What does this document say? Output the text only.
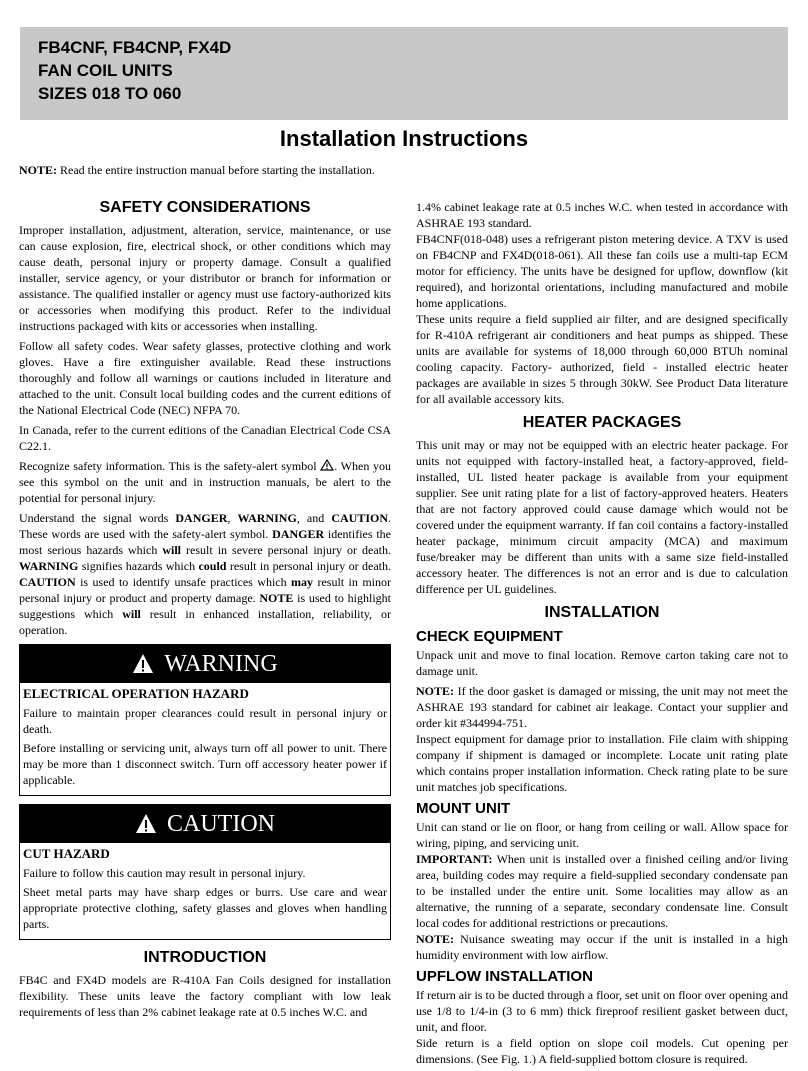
FB4CNF, FB4CNP, FX4D
FAN COIL UNITS
SIZES 018 TO 060
Installation Instructions
NOTE: Read the entire instruction manual before starting the installation.
SAFETY CONSIDERATIONS

Improper installation, adjustment, alteration, service, maintenance, or use can cause explosion, fire, electrical shock, or other conditions which may cause death, personal injury or property damage. Consult a qualified installer, service agency, or your distributor or branch for information or assistance. The qualified installer or agency must use factory-authorized kits or accessories when modifying this product. Refer to the individual instructions packaged with kits or accessories when installing.

Follow all safety codes. Wear safety glasses, protective clothing and work gloves. Have a fire extinguisher available. Read these instructions thoroughly and follow all warnings or cautions included in literature and attached to the unit. Consult local building codes and the current editions of the National Electrical Code (NEC) NFPA 70.

In Canada, refer to the current editions of the Canadian Electrical Code CSA C22.1.

Recognize safety information. This is the safety-alert symbol . When you see this symbol on the unit and in instruction manuals, be alert to the potential for personal injury.

Understand the signal words DANGER, WARNING, and CAUTION. These words are used with the safety-alert symbol. DANGER identifies the most serious hazards which will result in severe personal injury or death. WARNING signifies hazards which could result in personal injury or death. CAUTION is used to identify unsafe practices which may result in minor personal injury or product and property damage. NOTE is used to highlight suggestions which will result in enhanced installation, reliability, or operation.

WARNING
ELECTRICAL OPERATION HAZARD

Failure to maintain proper clearances could result in personal injury or death.

Before installing or servicing unit, always turn off all power to unit. There may be more than 1 disconnect switch. Turn off accessory heater power if applicable.

CAUTION
CUT HAZARD

Failure to follow this caution may result in personal injury.

Sheet metal parts may have sharp edges or burrs. Use care and wear appropriate protective clothing, safety glasses and gloves when handling parts.

INTRODUCTION

FB4C and FX4D models are R-410A Fan Coils designed for installation flexibility. These units leave the factory compliant with low leak requirements of less than 2% cabinet leakage rate at 0.5 inches W.C. and

1.4% cabinet leakage rate at 0.5 inches W.C. when tested in accordance with ASHRAE 193 standard.

FB4CNF(018-048) uses a refrigerant piston metering device. A TXV is used on FB4CNP and FX4D(018-061). All these fan coils use a multi-tap ECM motor for efficiency. The units have be designed for upflow, downflow (kit required), and horizontal orientations, including manufactured and mobile home applications.

These units require a field supplied air filter, and are designed specifically for R-410A refrigerant air conditioners and heat pumps as shipped. These units are available for systems of 18,000 through 60,000 BTUh nominal cooling capacity. Factory- authorized, field - installed electric heater packages are available in sizes 5 through 30kW. See Product Data literature for all available accessory kits.

HEATER PACKAGES

This unit may or may not be equipped with an electric heater package. For units not equipped with factory-installed heat, a factory-approved, field-installed, UL listed heater package is available from your equipment supplier. See unit rating plate for a list of factory-approved heaters. Heaters that are not factory approved could cause damage which would not be covered under the equipment warranty. If fan coil contains a factory-installed heater package, minimum circuit ampacity (MCA) and maximum fuse/breaker may be different than units with a same size field-installed accessory heater. The differences is not an error and is due to calculation difference per UL guidelines.

INSTALLATION
CHECK EQUIPMENT

Unpack unit and move to final location. Remove carton taking care not to damage unit.

NOTE: If the door gasket is damaged or missing, the unit may not meet the ASHRAE 193 standard for cabinet air leakage. Contact your supplier and order kit #344994-751.

Inspect equipment for damage prior to installation. File claim with shipping company if shipment is damaged or incomplete. Locate unit rating plate which contains proper installation information. Check rating plate to be sure unit matches job specifications.

MOUNT UNIT

Unit can stand or lie on floor, or hang from ceiling or wall. Allow space for wiring, piping, and servicing unit.

IMPORTANT: When unit is installed over a finished ceiling and/or living area, building codes may require a field-supplied secondary condensate pan to be installed under the entire unit. Some localities may allow as an alternative, the running of a separate, secondary condensate line. Consult local codes for additional restrictions or precautions.

NOTE: Nuisance sweating may occur if the unit is installed in a high humidity environment with low airflow.

UPFLOW INSTALLATION

If return air is to be ducted through a floor, set unit on floor over opening and use 1/8 to 1/4-in (3 to 6 mm) thick fireproof resilient gasket between duct, unit, and floor.

Side return is a field option on slope coil models. Cut opening per dimensions. (See Fig. 1.) A field-supplied bottom closure is required.
